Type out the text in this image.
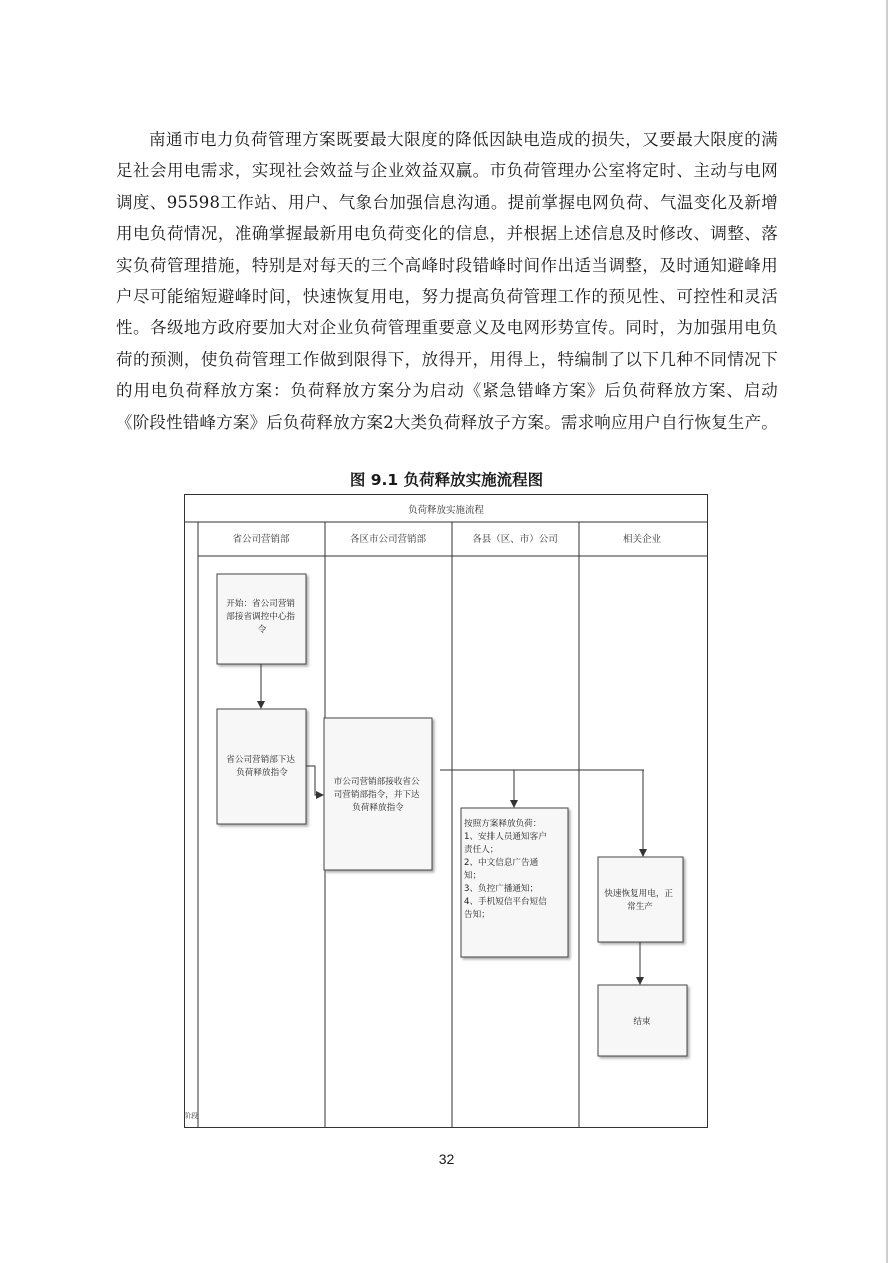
南通市电力负荷管理方案既要最大限度的降低因缺电造成的损失，又要最大限度的满足社会用电需求，实现社会效益与企业效益双赢。市负荷管理办公室将定时、主动与电网调度、95598工作站、用户、气象台加强信息沟通。提前掌握电网负荷、气温变化及新增用电负荷情况，准确掌握最新用电负荷变化的信息，并根据上述信息及时修改、调整、落实负荷管理措施，特别是对每天的三个高峰时段错峰时间作出适当调整，及时通知避峰用户尽可能缩短避峰时间，快速恢复用电，努力提高负荷管理工作的预见性、可控性和灵活性。各级地方政府要加大对企业负荷管理重要意义及电网形势宣传。同时，为加强用电负荷的预测，使负荷管理工作做到限得下，放得开，用得上，特编制了以下几种不同情况下的用电负荷释放方案：负荷释放方案分为启动《紧急错峰方案》后负荷释放方案、启动《阶段性错峰方案》后负荷释放方案2大类负荷释放子方案。需求响应用户自行恢复生产。

图 9.1 负荷释放实施流程图
负荷释放实施流程
阶段
省公司营销部	各区市公司营销部	各县（区、市）公司	相关企业
开始：省公司营销 部接省调控中心指 令
省公司营销部下达 负荷释放指令
市公司营销部接收省公 司营销部指令，并下达 负荷释放指令
按照方案释放负荷： 1、安排人员通知客户 责任人； 2、中文信息广告通 知； 3、负控广播通知； 4、手机短信平台短信 告知；
快速恢复用电，正 常生产
结束
32
